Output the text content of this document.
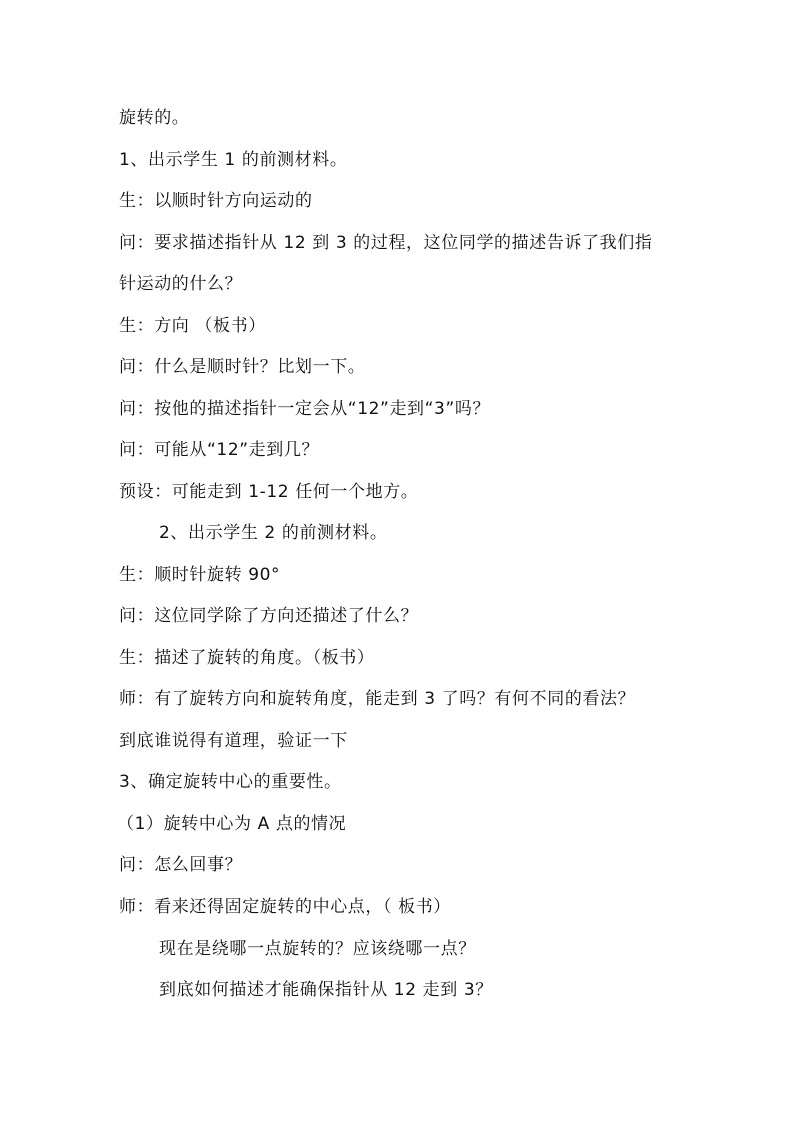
旋转的。
1、出示学生 1 的前测材料。
生：以顺时针方向运动的
问：要求描述指针从 12 到 3 的过程，这位同学的描述告诉了我们指
针运动的什么？
生：方向 （板书）
问：什么是顺时针？比划一下。
问：按他的描述指针一定会从“12”走到“3”吗？
问：可能从“12”走到几？
预设：可能走到 1-12 任何一个地方。
2、出示学生 2 的前测材料。
生：顺时针旋转 90°
问：这位同学除了方向还描述了什么？
生：描述了旋转的角度。（板书）
师：有了旋转方向和旋转角度，能走到 3 了吗？有何不同的看法？
到底谁说得有道理，验证一下
3、确定旋转中心的重要性。
（1）旋转中心为 A 点的情况
问：怎么回事？
师：看来还得固定旋转的中心点，（ 板书）
现在是绕哪一点旋转的？应该绕哪一点？
到底如何描述才能确保指针从 12 走到 3？
